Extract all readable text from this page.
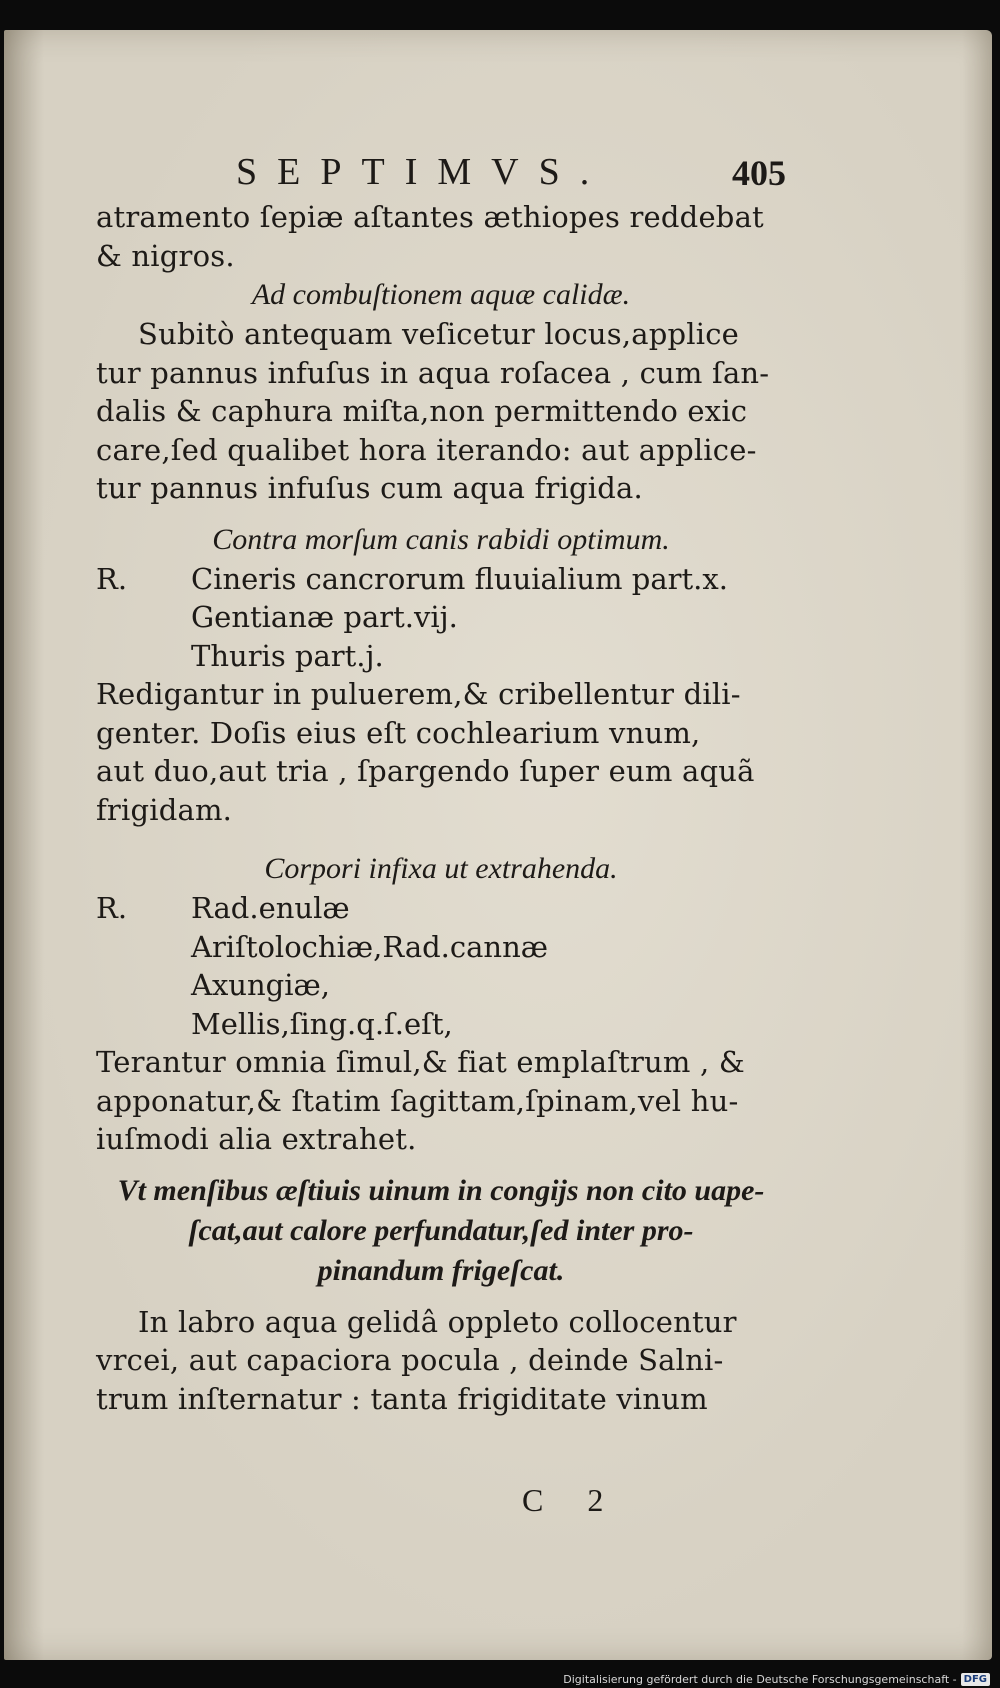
SEPTIMVS.	405
atramento ſepiæ aſtantes æthiopes reddebat
& nigros.
Ad combuſtionem aquæ calidæ.
Subitò antequam veſicetur locus,applice
tur pannus infuſus in aqua roſacea , cum ſan-
dalis & caphura miſta,non permittendo exic
care,ſed qualibet hora iterando: aut applice-
tur pannus infuſus cum aqua frigida.
Contra morſum canis rabidi optimum.
R.	Cineris cancrorum fluuialium part.x.
Gentianæ part.vij.
Thuris part.j.
Redigantur in puluerem,& cribellentur dili-
genter. Doſis eius eſt cochlearium vnum,
aut duo,aut tria , ſpargendo ſuper eum aquã
frigidam.
Corpori infixa ut extrahenda.
R.	Rad.enulæ
Ariſtolochiæ,Rad.cannæ
Axungiæ,
Mellis,ſing.q.ſ.eſt,
Terantur omnia ſimul,& fiat emplaſtrum , &
apponatur,& ſtatim ſagittam,ſpinam,vel hu-
iuſmodi alia extrahet.
Vt menſibus æſtiuis uinum in congijs non cito uape-
ſcat,aut calore perfundatur,ſed inter pro-
pinandum frigeſcat.
In labro aqua gelidâ oppleto collocentur
vrcei, aut capaciora pocula , deinde Salni-
trum inſternatur : tanta frigiditate vinum
C 2
Digitalisierung gefördert durch die Deutsche Forschungsgemeinschaft - DFG
